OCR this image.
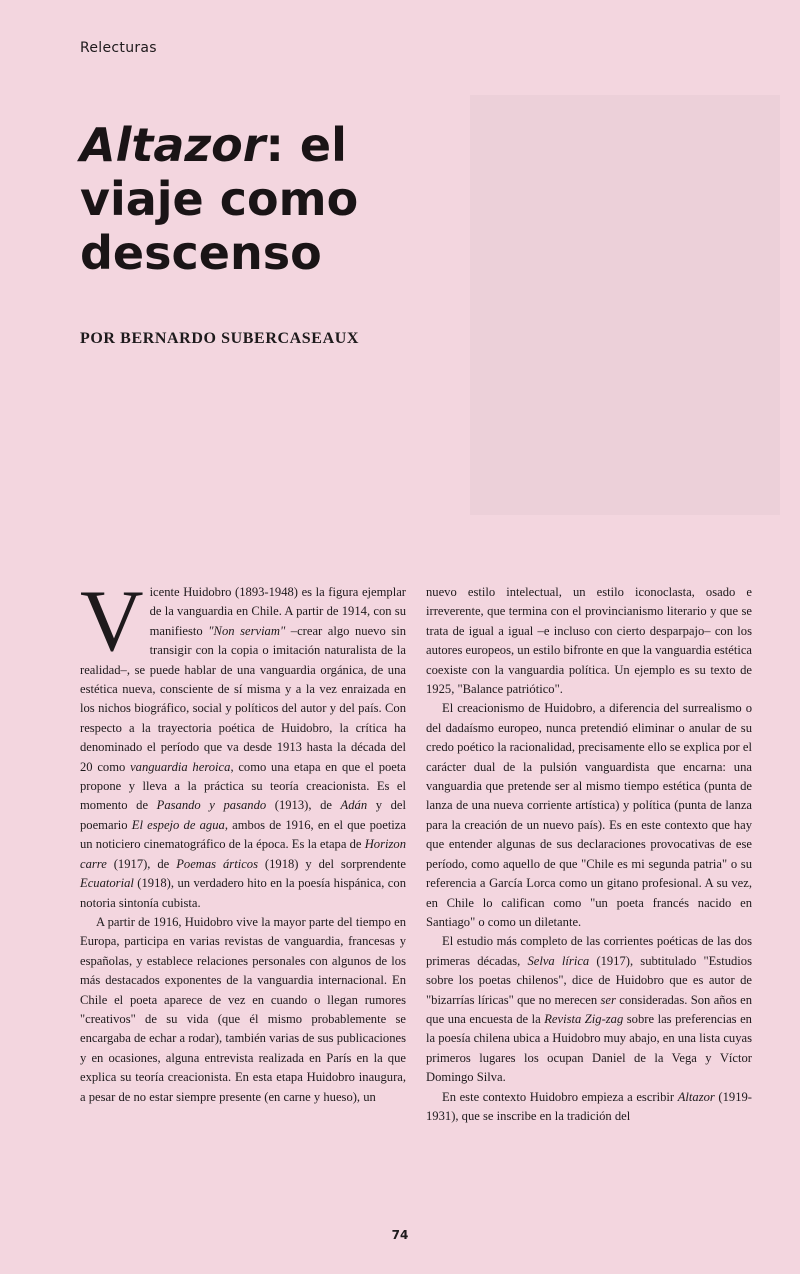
Relecturas
Altazor: el
viaje como
descenso
POR BERNARDO SUBERCASEAUX

Vicente Huidobro (1893-1948) es la figura ejemplar de la vanguardia en Chile. A partir de 1914, con su manifiesto "Non serviam" –crear algo nuevo sin transigir con la copia o imitación naturalista de la realidad–, se puede hablar de una vanguardia orgánica, de una estética nueva, consciente de sí misma y a la vez enraizada en los nichos biográfico, social y políticos del autor y del país. Con respecto a la trayectoria poética de Huidobro, la crítica ha denominado el período que va desde 1913 hasta la década del 20 como vanguardia heroica, como una etapa en que el poeta propone y lleva a la práctica su teoría creacionista. Es el momento de Pasando y pasando (1913), de Adán y del poemario El espejo de agua, ambos de 1916, en el que poetiza un noticiero cinematográfico de la época. Es la etapa de Horizon carre (1917), de Poemas árticos (1918) y del sorprendente Ecuatorial (1918), un verdadero hito en la poesía hispánica, con notoria sintonía cubista.

A partir de 1916, Huidobro vive la mayor parte del tiempo en Europa, participa en varias revistas de vanguardia, francesas y españolas, y establece relaciones personales con algunos de los más destacados exponentes de la vanguardia internacional. En Chile el poeta aparece de vez en cuando o llegan rumores "creativos" de su vida (que él mismo probablemente se encargaba de echar a rodar), también varias de sus publicaciones y en ocasiones, alguna entrevista realizada en París en la que explica su teoría creacionista. En esta etapa Huidobro inaugura, a pesar de no estar siempre presente (en carne y hueso), un

nuevo estilo intelectual, un estilo iconoclasta, osado e irreverente, que termina con el provincianismo literario y que se trata de igual a igual –e incluso con cierto desparpajo– con los autores europeos, un estilo bifronte en que la vanguardia estética coexiste con la vanguardia política. Un ejemplo es su texto de 1925, "Balance patriótico".

El creacionismo de Huidobro, a diferencia del surrealismo o del dadaísmo europeo, nunca pretendió eliminar o anular de su credo poético la racionalidad, precisamente ello se explica por el carácter dual de la pulsión vanguardista que encarna: una vanguardia que pretende ser al mismo tiempo estética (punta de lanza de una nueva corriente artística) y política (punta de lanza para la creación de un nuevo país). Es en este contexto que hay que entender algunas de sus declaraciones provocativas de ese período, como aquello de que "Chile es mi segunda patria" o su referencia a García Lorca como un gitano profesional. A su vez, en Chile lo califican como "un poeta francés nacido en Santiago" o como un diletante.

El estudio más completo de las corrientes poéticas de las dos primeras décadas, Selva lírica (1917), subtitulado "Estudios sobre los poetas chilenos", dice de Huidobro que es autor de "bizarrías líricas" que no merecen ser consideradas. Son años en que una encuesta de la Revista Zig-zag sobre las preferencias en la poesía chilena ubica a Huidobro muy abajo, en una lista cuyas primeros lugares los ocupan Daniel de la Vega y Víctor Domingo Silva.

En este contexto Huidobro empieza a escribir Altazor (1919-1931), que se inscribe en la tradición del

74
